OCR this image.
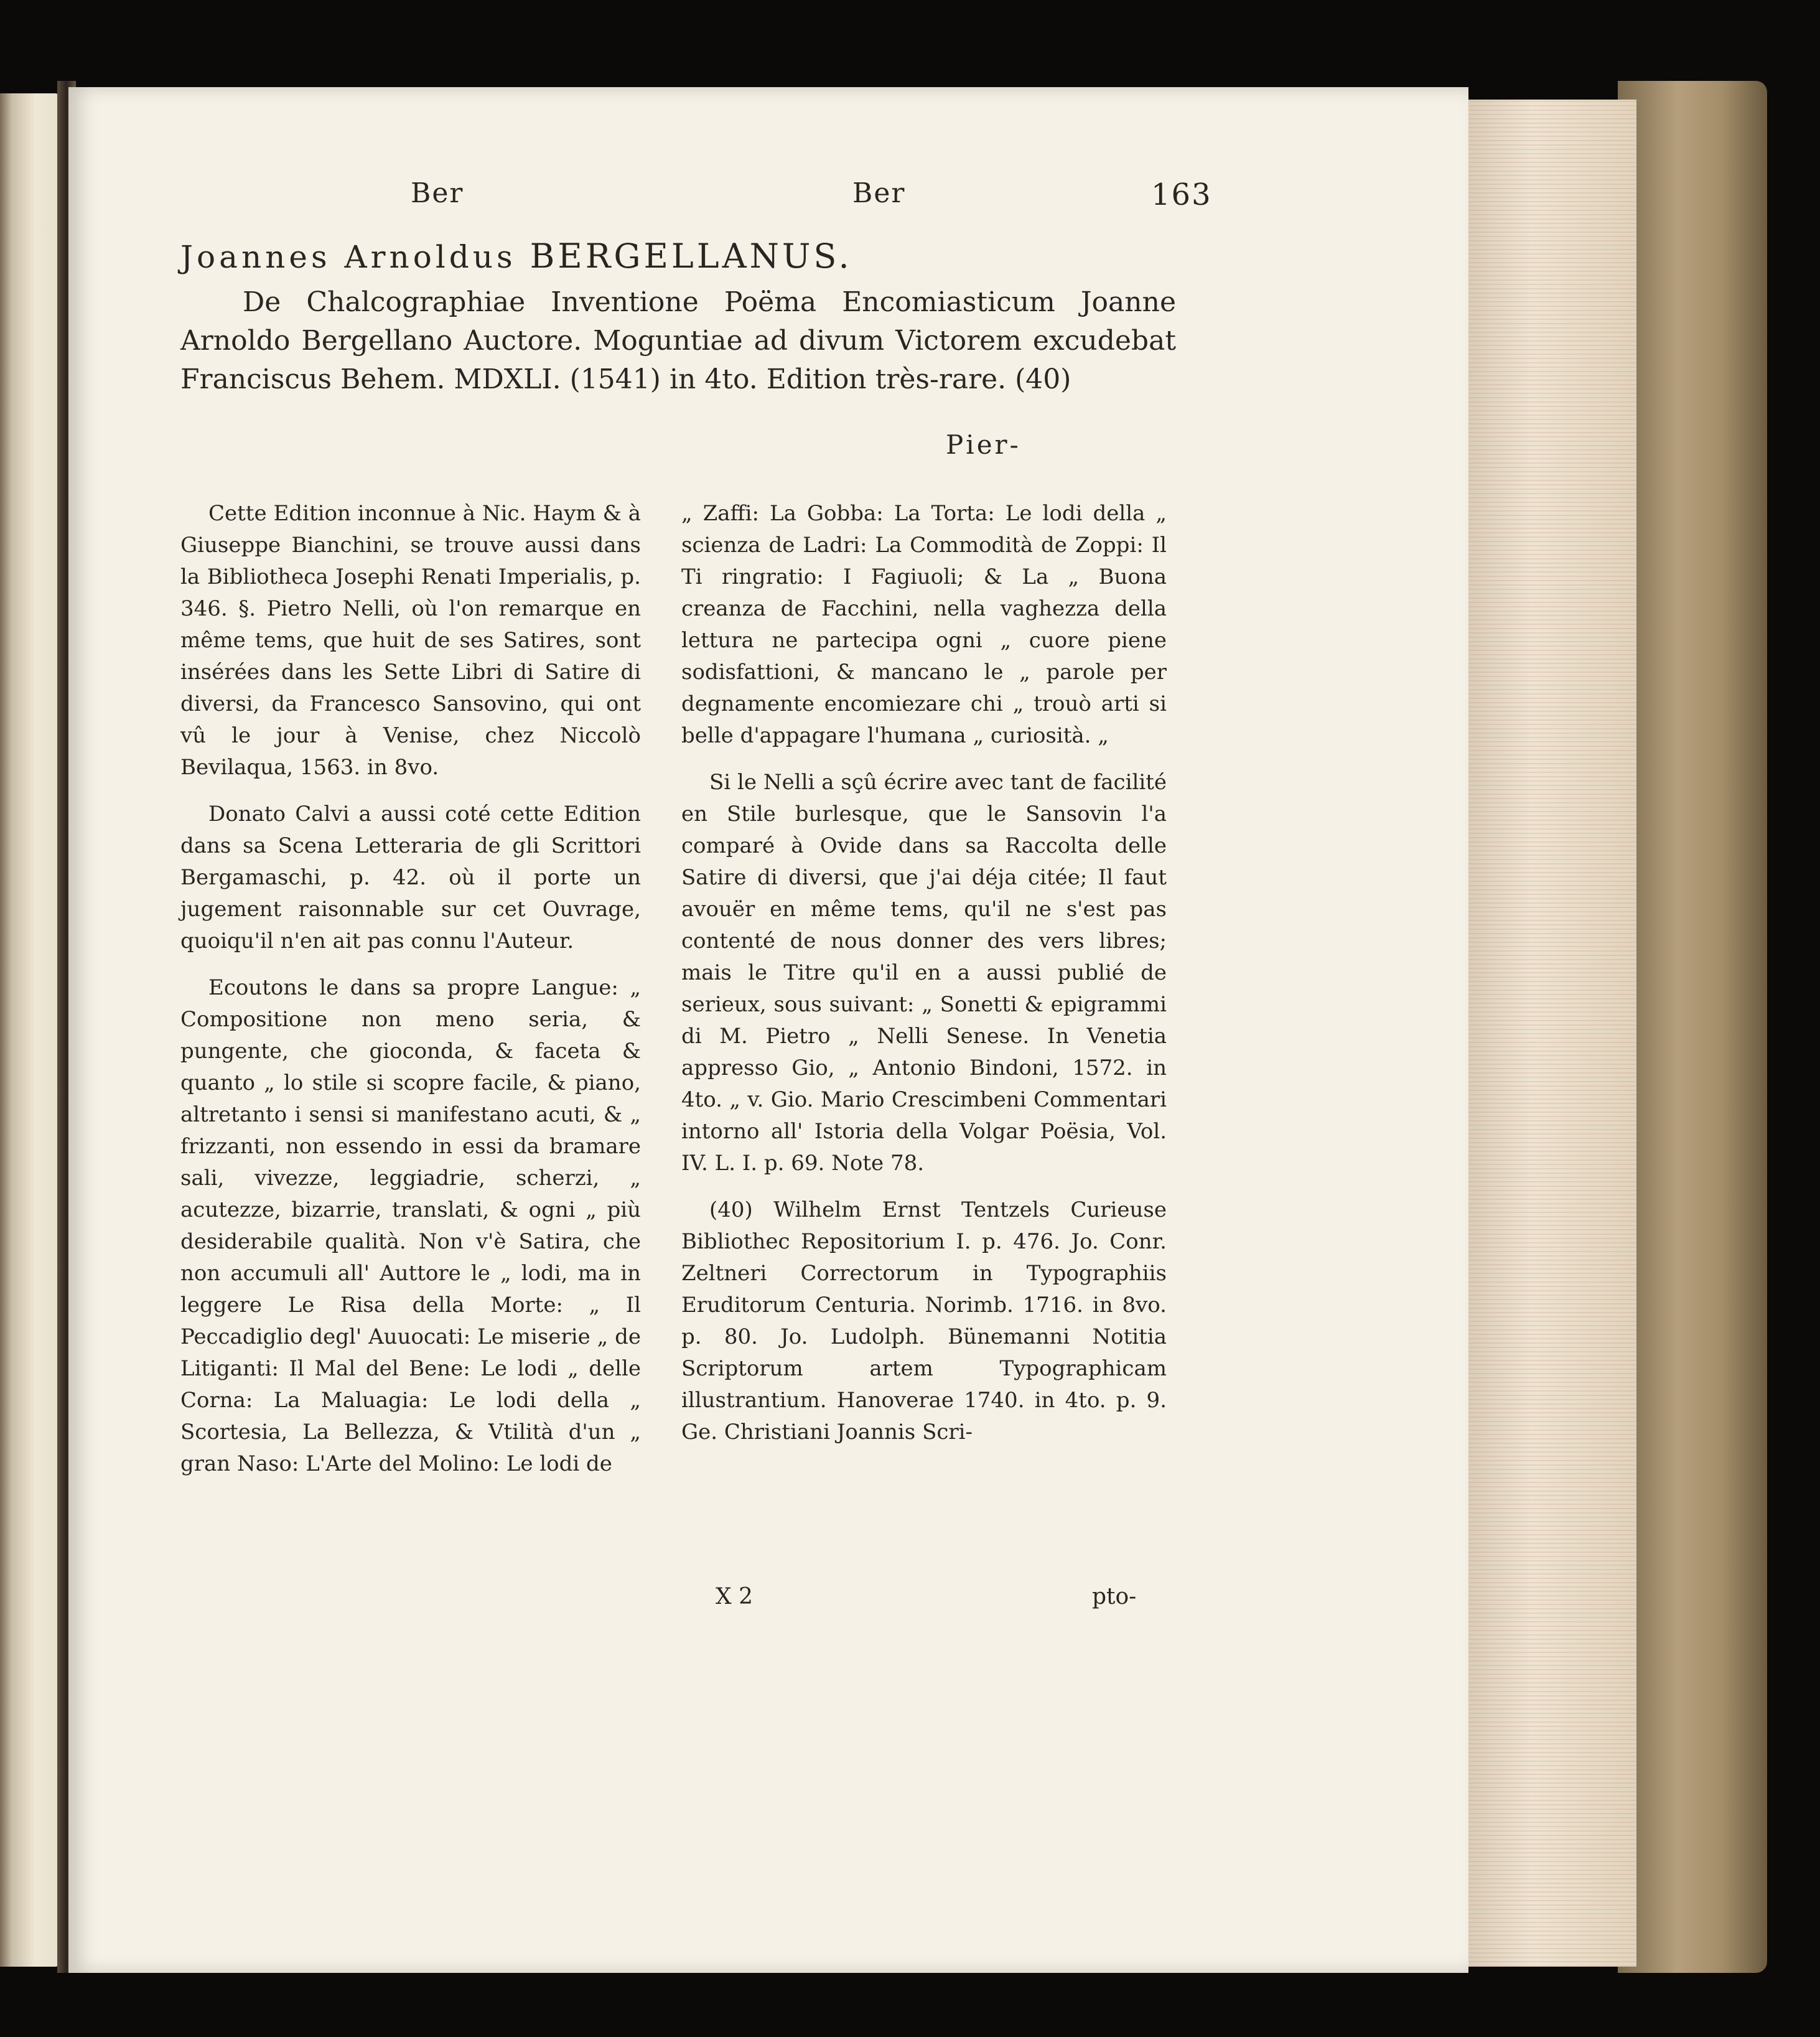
Ber	Ber	163
Joannes Arnoldus BERGELLANUS.

De Chalcographiae Inventione Poëma Encomiasticum Joanne Arnoldo Bergellano Auctore. Moguntiae ad divum Victorem excudebat Franciscus Behem. MDXLI. (1541) in 4to. Edition très-rare. (40)

Pier-

Cette Edition inconnue à Nic. Haym & à Giuseppe Bianchini, se trouve aussi dans la Bibliotheca Josephi Renati Imperialis, p. 346. §. Pietro Nelli, où l'on remarque en même tems, que huit de ses Satires, sont insérées dans les Sette Libri di Satire di diversi, da Francesco Sansovino, qui ont vû le jour à Venise, chez Niccolò Bevilaqua, 1563. in 8vo.

Donato Calvi a aussi coté cette Edition dans sa Scena Letteraria de gli Scrittori Bergamaschi, p. 42. où il porte un jugement raisonnable sur cet Ouvrage, quoiqu'il n'en ait pas connu l'Auteur.

Ecoutons le dans sa propre Langue: „ Compositione non meno seria, & pungente, che gioconda, & faceta & quanto „ lo stile si scopre facile, & piano, altretanto i sensi si manifestano acuti, & „ frizzanti, non essendo in essi da bramare sali, vivezze, leggiadrie, scherzi, „ acutezze, bizarrie, translati, & ogni „ più desiderabile qualità. Non v'è Satira, che non accumuli all' Auttore le „ lodi, ma in leggere Le Risa della Morte: „ Il Peccadiglio degl' Auuocati: Le miserie „ de Litiganti: Il Mal del Bene: Le lodi „ delle Corna: La Maluagia: Le lodi della „ Scortesia, La Bellezza, & Vtilità d'un „ gran Naso: L'Arte del Molino: Le lodi de

„ Zaffi: La Gobba: La Torta: Le lodi della „ scienza de Ladri: La Commodità de Zoppi: Il Ti ringratio: I Fagiuoli; & La „ Buona creanza de Facchini, nella vaghezza della lettura ne partecipa ogni „ cuore piene sodisfattioni, & mancano le „ parole per degnamente encomiezare chi „ trouò arti si belle d'appagare l'humana „ curiosità. „

Si le Nelli a sçû écrire avec tant de facilité en Stile burlesque, que le Sansovin l'a comparé à Ovide dans sa Raccolta delle Satire di diversi, que j'ai déja citée; Il faut avouër en même tems, qu'il ne s'est pas contenté de nous donner des vers libres; mais le Titre qu'il en a aussi publié de serieux, sous suivant: „ Sonetti & epigrammi di M. Pietro „ Nelli Senese. In Venetia appresso Gio, „ Antonio Bindoni, 1572. in 4to. „ v. Gio. Mario Crescimbeni Commentari intorno all' Istoria della Volgar Poësia, Vol. IV. L. I. p. 69. Note 78.

(40) Wilhelm Ernst Tentzels Curieuse Bibliothec Repositorium I. p. 476. Jo. Conr. Zeltneri Correctorum in Typographiis Eruditorum Centuria. Norimb. 1716. in 8vo. p. 80. Jo. Ludolph. Bünemanni Notitia Scriptorum artem Typographicam illustrantium. Hanoverae 1740. in 4to. p. 9. Ge. Christiani Joannis Scri-

X 2	pto-
